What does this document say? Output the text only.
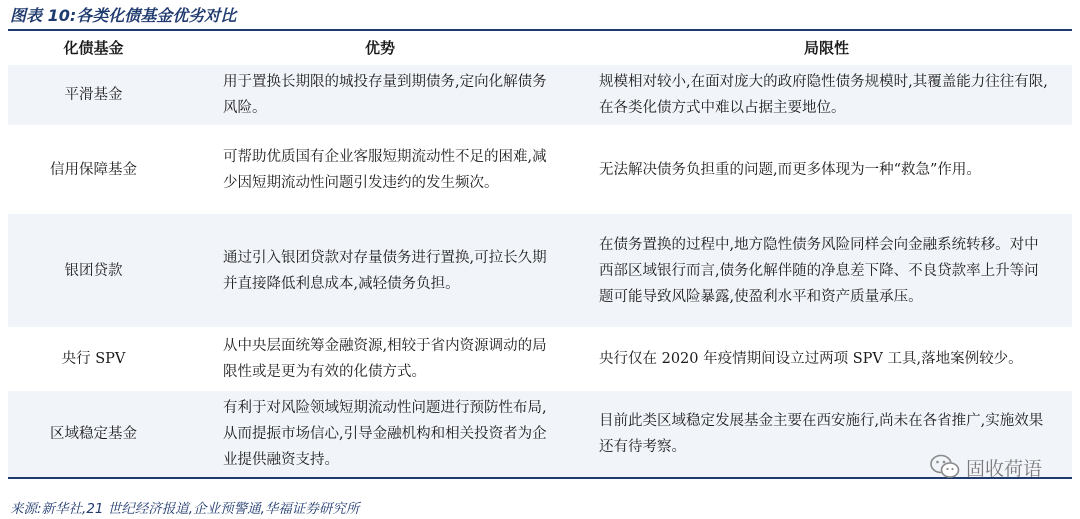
图表 10:各类化债基金优劣对比
化债基金	优势	局限性
平滑基金	用于置换长期限的城投存量到期债务,定向化解债务风险。	规模相对较小,在面对庞大的政府隐性债务规模时,其覆盖能力往往有限,在各类化债方式中难以占据主要地位。
信用保障基金	可帮助优质国有企业客服短期流动性不足的困难,减少因短期流动性问题引发违约的发生频次。	无法解决债务负担重的问题,而更多体现为一种“救急”作用。
银团贷款	通过引入银团贷款对存量债务进行置换,可拉长久期并直接降低利息成本,减轻债务负担。	在债务置换的过程中,地方隐性债务风险同样会向金融系统转移。对中西部区域银行而言,债务化解伴随的净息差下降、不良贷款率上升等问题可能导致风险暴露,使盈利水平和资产质量承压。
央行 SPV	从中央层面统筹金融资源,相较于省内资源调动的局限性或是更为有效的化债方式。	央行仅在 2020 年疫情期间设立过两项 SPV 工具,落地案例较少。
区域稳定基金	有利于对风险领域短期流动性问题进行预防性布局,从而提振市场信心,引导金融机构和相关投资者为企业提供融资支持。	目前此类区域稳定发展基金主要在西安施行,尚未在各省推广,实施效果还有待考察。
固收荷语
来源:新华社,21 世纪经济报道,企业预警通,华福证券研究所
